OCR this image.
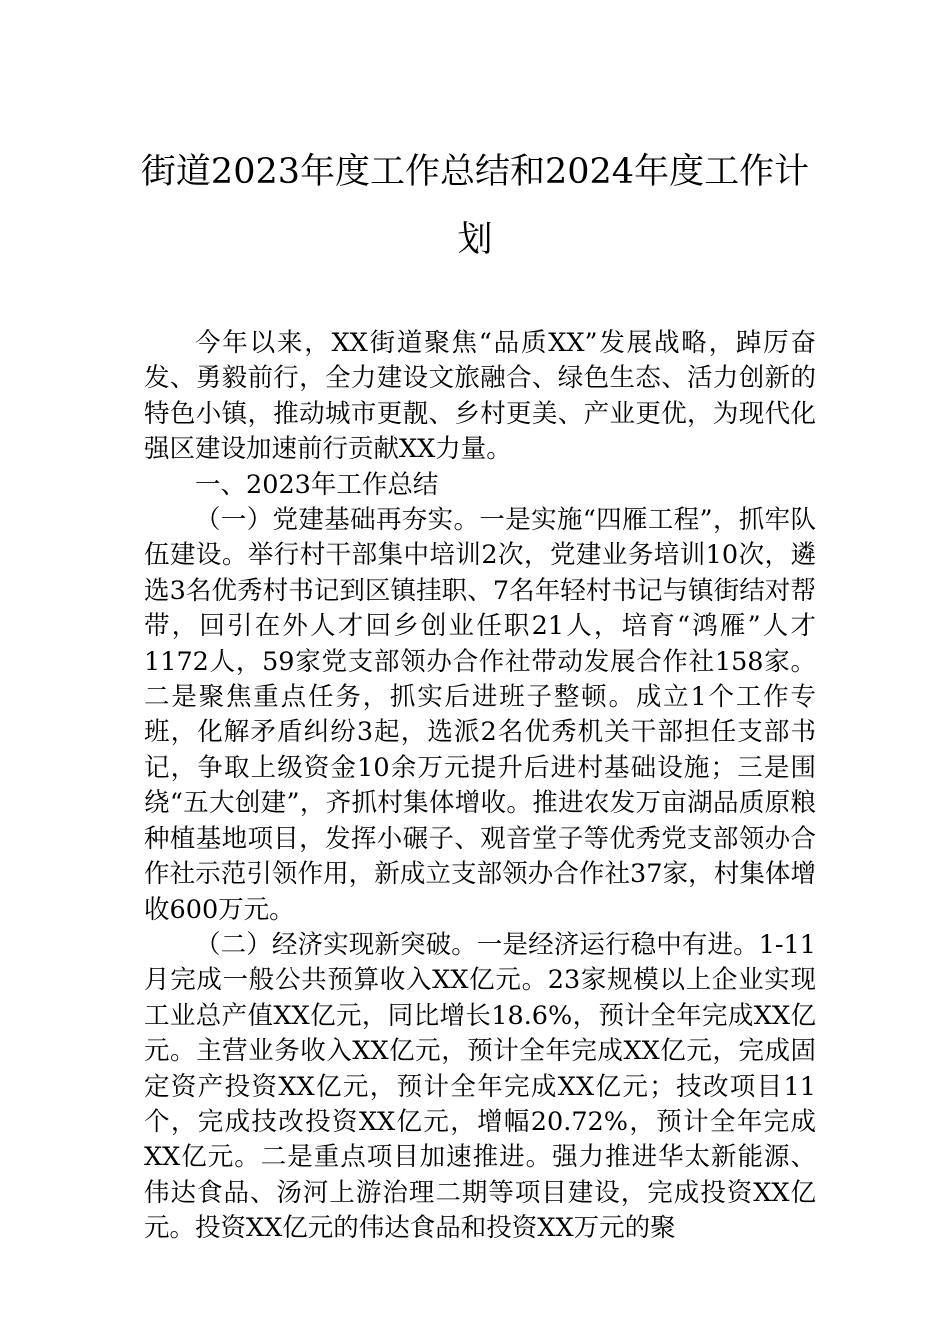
街道2023年度工作总结和2024年度工作计
划

今年以来，XX街道聚焦“品质XX”发展战略，踔厉奋发、勇毅前行，全力建设文旅融合、绿色生态、活力创新的特色小镇，推动城市更靓、乡村更美、产业更优，为现代化强区建设加速前行贡献XX力量。

一、2023年工作总结

（一）党建基础再夯实。一是实施“四雁工程”，抓牢队伍建设。举行村干部集中培训2次，党建业务培训10次，遴选3名优秀村书记到区镇挂职、7名年轻村书记与镇街结对帮带，回引在外人才回乡创业任职21人，培育“鸿雁”人才1172人，59家党支部领办合作社带动发展合作社158家。二是聚焦重点任务，抓实后进班子整顿。成立1个工作专班，化解矛盾纠纷3起，选派2名优秀机关干部担任支部书记，争取上级资金10余万元提升后进村基础设施；三是围绕“五大创建”，齐抓村集体增收。推进农发万亩湖品质原粮种植基地项目，发挥小碾子、观音堂子等优秀党支部领办合作社示范引领作用，新成立支部领办合作社37家，村集体增收600万元。

（二）经济实现新突破。一是经济运行稳中有进。1-11月完成一般公共预算收入XX亿元。23家规模以上企业实现工业总产值XX亿元，同比增长18.6%，预计全年完成XX亿元。主营业务收入XX亿元，预计全年完成XX亿元，完成固定资产投资XX亿元，预计全年完成XX亿元；技改项目11个，完成技改投资XX亿元，增幅20.72%，预计全年完成XX亿元。二是重点项目加速推进。强力推进华太新能源、伟达食品、汤河上游治理二期等项目建设，完成投资XX亿元。投资XX亿元的伟达食品和投资XX万元的聚
